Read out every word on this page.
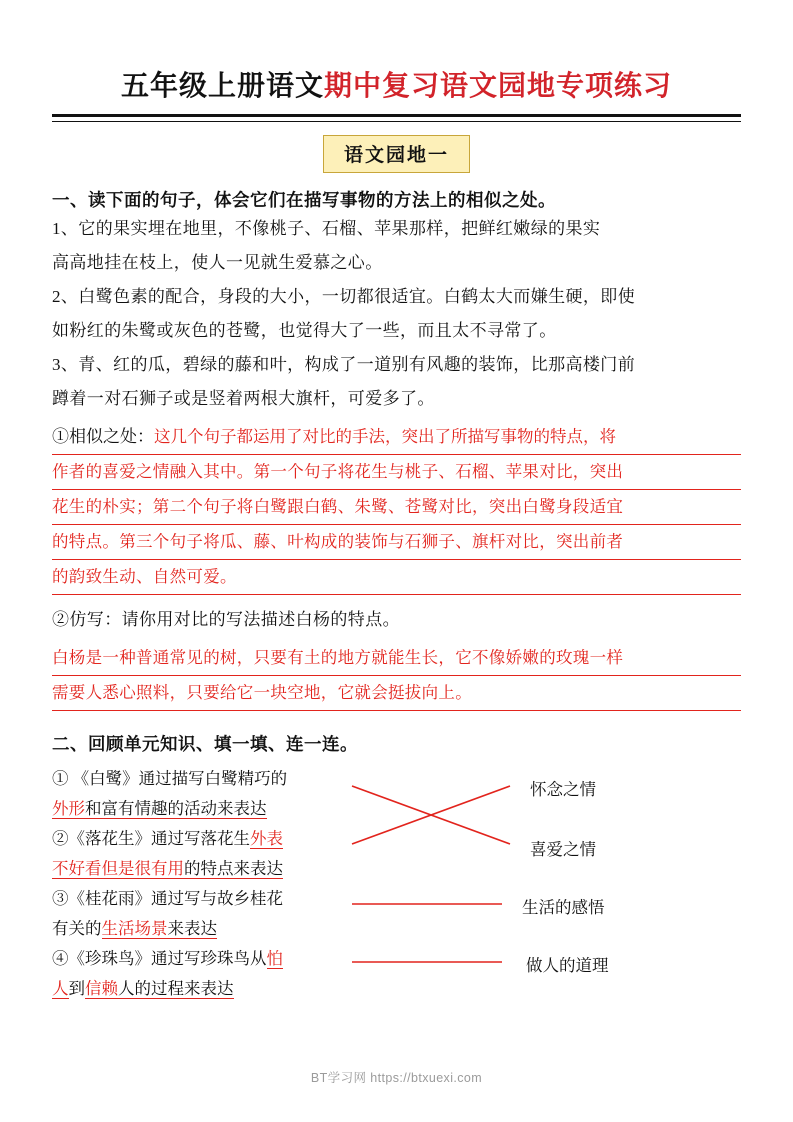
五年级上册语文期中复习语文园地专项练习
语文园地一
一、读下面的句子，体会它们在描写事物的方法上的相似之处。
1、它的果实埋在地里，不像桃子、石榴、苹果那样，把鲜红嫩绿的果实
高高地挂在枝上，使人一见就生爱慕之心。
2、白鹭色素的配合，身段的大小，一切都很适宜。白鹤太大而嫌生硬，即使
如粉红的朱鹭或灰色的苍鹭，也觉得大了一些，而且太不寻常了。
3、青、红的瓜，碧绿的藤和叶，构成了一道别有风趣的装饰，比那高楼门前
蹲着一对石狮子或是竖着两根大旗杆，可爱多了。
①相似之处：这几个句子都运用了对比的手法，突出了所描写事物的特点，将
作者的喜爱之情融入其中。第一个句子将花生与桃子、石榴、苹果对比，突出
花生的朴实；第二个句子将白鹭跟白鹤、朱鹭、苍鹭对比，突出白鹭身段适宜
的特点。第三个句子将瓜、藤、叶构成的装饰与石狮子、旗杆对比，突出前者
的韵致生动、自然可爱。
②仿写：请你用对比的写法描述白杨的特点。
白杨是一种普通常见的树，只要有土的地方就能生长，它不像娇嫩的玫瑰一样
需要人悉心照料，只要给它一块空地，它就会挺拔向上。
二、回顾单元知识、填一填、连一连。
① 《白鹭》通过描写白鹭精巧的
外形和富有情趣的活动来表达
②《落花生》通过写落花生外表
不好看但是很有用的特点来表达
③《桂花雨》通过写与故乡桂花
有关的生活场景来表达
④《珍珠鸟》通过写珍珠鸟从怕
人到信赖人的过程来表达
怀念之情
喜爱之情
生活的感悟
做人的道理
BT学习网 https://btxuexi.com
